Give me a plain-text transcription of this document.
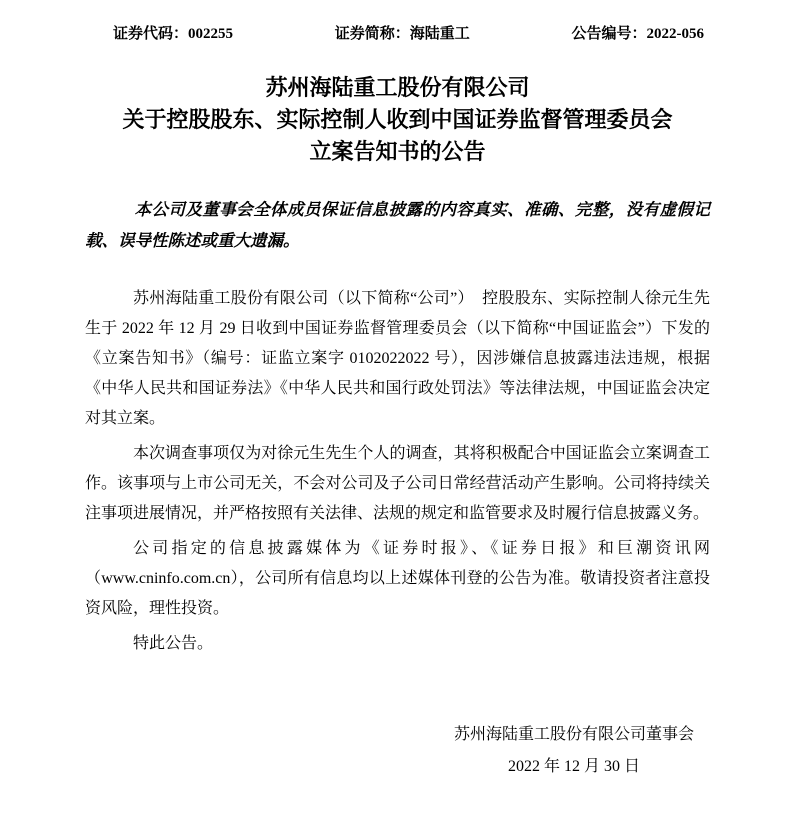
证券代码：002255	证券简称：海陆重工	公告编号：2022-056
苏州海陆重工股份有限公司
关于控股股东、实际控制人收到中国证券监督管理委员会
立案告知书的公告

本公司及董事会全体成员保证信息披露的内容真实、准确、完整，没有虚假记载、误导性陈述或重大遗漏。

苏州海陆重工股份有限公司（以下简称“公司”）　控股股东、实际控制人徐元生先生于 2022 年 12 月 29 日收到中国证券监督管理委员会（以下简称“中国证监会”）下发的《立案告知书》（编号：证监立案字 0102022022 号），因涉嫌信息披露违法违规，根据《中华人民共和国证券法》《中华人民共和国行政处罚法》等法律法规，中国证监会决定对其立案。

本次调查事项仅为对徐元生先生个人的调查，其将积极配合中国证监会立案调查工作。该事项与上市公司无关，不会对公司及子公司日常经营活动产生影响。公司将持续关注事项进展情况，并严格按照有关法律、法规的规定和监管要求及时履行信息披露义务。

公司指定的信息披露媒体为《证券时报》、《证券日报》和巨潮资讯网（www.cninfo.com.cn），公司所有信息均以上述媒体刊登的公告为准。敬请投资者注意投资风险，理性投资。

特此公告。

苏州海陆重工股份有限公司董事会
2022 年 12 月 30 日
